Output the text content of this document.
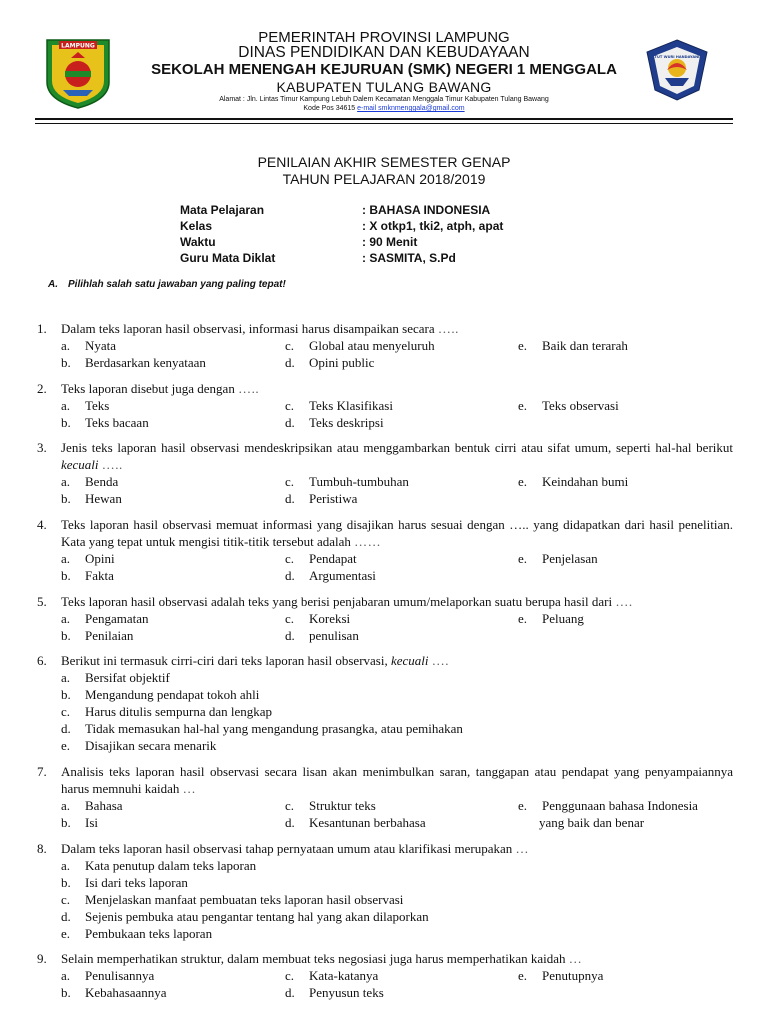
LAMPUNG	PEMERINTAH PROVINSI LAMPUNG
DINAS PENDIDIKAN DAN KEBUDAYAAN
SEKOLAH MENENGAH KEJURUAN (SMK) NEGERI 1 MENGGALA
KABUPATEN TULANG BAWANG
Alamat : Jln. Lintas Timur Kampung Lebuh Dalem Kecamatan Menggala Timur Kabupaten Tulang Bawang
Kode Pos 34615 e-mail smknmenggala@gmail.com
TUT WURI HANDAYANI
PENILAIAN AKHIR SEMESTER GENAP
TAHUN PELAJARAN 2018/2019
Mata Pelajaran	: BAHASA INDONESIA
Kelas	: X otkp1, tki2, atph, apat
Waktu	: 90 Menit
Guru Mata Diklat	: SASMITA, S.Pd
A. Pilihlah salah satu jawaban yang paling tepat!
1.	Dalam teks laporan hasil observasi, informasi harus disampaikan secara …..
a.	Nyata
b.	Berdasarkan kenyataan
c.	Global atau menyeluruh
d.	Opini public
e.	Baik dan terarah
2.	Teks laporan disebut juga dengan …..
a.	Teks
b.	Teks bacaan
c.	Teks Klasifikasi
d.	Teks deskripsi
e.	Teks observasi
3.	Jenis teks laporan hasil observasi mendeskripsikan atau menggambarkan bentuk cirri atau sifat umum, seperti hal-hal berikut kecuali …..
a.	Benda
b.	Hewan
c.	Tumbuh-tumbuhan
d.	Peristiwa
e.	Keindahan bumi
4.	Teks laporan hasil observasi memuat informasi yang disajikan harus sesuai dengan ….. yang didapatkan dari hasil penelitian. Kata yang tepat untuk mengisi titik-titik tersebut adalah ……
a.	Opini
b.	Fakta
c.	Pendapat
d.	Argumentasi
e.	Penjelasan
5.	Teks laporan hasil observasi adalah teks yang berisi penjabaran umum/melaporkan suatu berupa hasil dari ….
a.	Pengamatan
b.	Penilaian
c.	Koreksi
d.	penulisan
e.	Peluang
6.	Berikut ini termasuk cirri-ciri dari teks laporan hasil observasi, kecuali ….
a.	Bersifat objektif
b.	Mengandung pendapat tokoh ahli
c.	Harus ditulis sempurna dan lengkap
d.	Tidak memasukan hal-hal yang mengandung prasangka, atau pemihakan
e.	Disajikan secara menarik
7.	Analisis teks laporan hasil observasi secara lisan akan menimbulkan saran, tanggapan atau pendapat yang penyampaiannya harus memnuhi kaidah …
a.	Bahasa
b.	Isi
c.	Struktur teks
d.	Kesantunan berbahasa
e.	Penggunaan bahasa Indonesia
yang baik dan benar
8.	Dalam teks laporan hasil observasi tahap pernyataan umum atau klarifikasi merupakan …
a.	Kata penutup dalam teks laporan
b.	Isi dari teks laporan
c.	Menjelaskan manfaat pembuatan teks laporan hasil observasi
d.	Sejenis pembuka atau pengantar tentang hal yang akan dilaporkan
e.	Pembukaan teks laporan
9.	Selain memperhatikan struktur, dalam membuat teks negosiasi juga harus memperhatikan kaidah …
a.	Penulisannya
b.	Kebahasaannya
c.	Kata-katanya
d.	Penyusun teks
e.	Penutupnya
